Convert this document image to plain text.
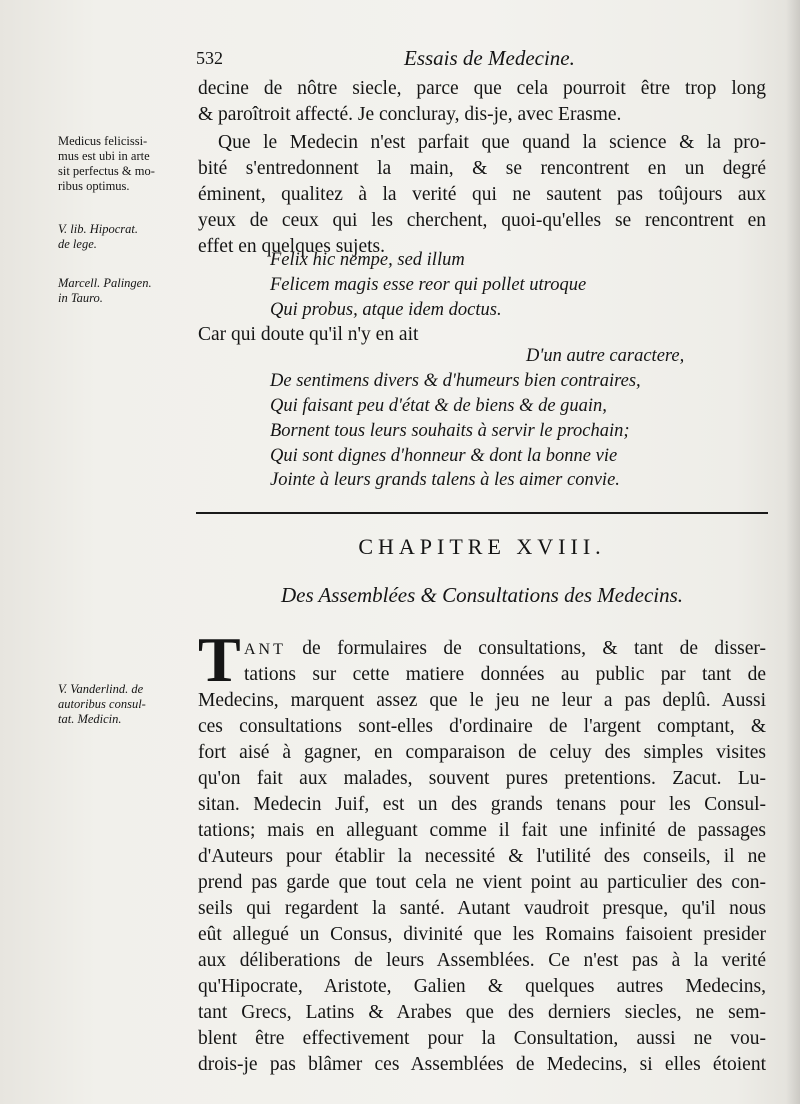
532	Essais de Medecine.
Medicus felicissi-
mus est ubi in arte
sit perfectus & mo-
ribus optimus.
V. lib. Hipocrat.
de lege.
Marcell. Palingen.
in Tauro.
V. Vanderlind. de
autoribus consul-
tat. Medicin.
decine de nôtre siecle, parce que cela pourroit être trop long
& paroîtroit affecté. Je concluray, dis-je, avec Erasme.
Que le Medecin n'est parfait que quand la science & la pro-
bité s'entredonnent la main, & se rencontrent en un degré
éminent, qualitez à la verité qui ne sautent pas toûjours aux
yeux de ceux qui les cherchent, quoi-qu'elles se rencontrent en
effet en quelques sujets.
Felix hic nempe, sed illum
Felicem magis esse reor qui pollet utroque
Qui probus, atque idem doctus.
Car qui doute qu'il n'y en ait
D'un autre caractere,
De sentimens divers & d'humeurs bien contraires,
Qui faisant peu d'état & de biens & de guain,
Bornent tous leurs souhaits à servir le prochain;
Qui sont dignes d'honneur & dont la bonne vie
Jointe à leurs grands talens à les aimer convie.
CHAPITRE XVIII.
Des Assemblées & Consultations des Medecins.
T ANT de formulaires de consultations, & tant de disser-
tations sur cette matiere données au public par tant de
Medecins, marquent assez que le jeu ne leur a pas deplû. Aussi
ces consultations sont-elles d'ordinaire de l'argent comptant, &
fort aisé à gagner, en comparaison de celuy des simples visites
qu'on fait aux malades, souvent pures pretentions. Zacut. Lu-
sitan. Medecin Juif, est un des grands tenans pour les Consul-
tations; mais en alleguant comme il fait une infinité de passages
d'Auteurs pour établir la necessité & l'utilité des conseils, il ne
prend pas garde que tout cela ne vient point au particulier des con-
seils qui regardent la santé. Autant vaudroit presque, qu'il nous
eût allegué un Consus, divinité que les Romains faisoient presider
aux déliberations de leurs Assemblées. Ce n'est pas à la verité
qu'Hipocrate, Aristote, Galien & quelques autres Medecins,
tant Grecs, Latins & Arabes que des derniers siecles, ne sem-
blent être effectivement pour la Consultation, aussi ne vou-
drois-je pas blâmer ces Assemblées de Medecins, si elles étoient
